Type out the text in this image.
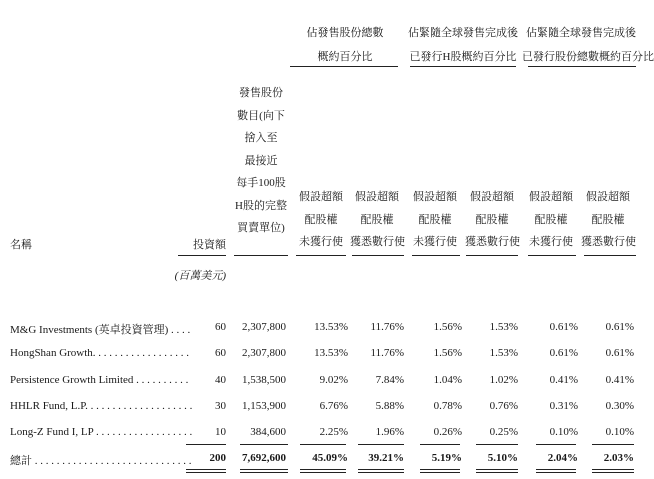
佔發售股份總數
概約百分比
佔緊隨全球發售完成後
已發行H股概約百分比
佔緊隨全球發售完成後
已發行股份總數概約百分比
發售股份
數目(向下
捨入至
最接近
每手100股
H股的完整
買賣單位)
假設超額
配股權
未獲行使
假設超額
配股權
獲悉數行使
假設超額
配股權
未獲行使
假設超額
配股權
獲悉數行使
假設超額
配股權
未獲行使
假設超額
配股權
獲悉數行使
名稱	投資額
(百萬美元)
M&G Investments (英卓投資管理) . . . .	60	2,307,800	13.53%	11.76%	1.56%	1.53%	0.61%	0.61%
HongShan Growth. . . . . . . . . . . . . . . . . .	60	2,307,800	13.53%	11.76%	1.56%	1.53%	0.61%	0.61%
Persistence Growth Limited . . . . . . . . . .	40	1,538,500	9.02%	7.84%	1.04%	1.02%	0.41%	0.41%
HHLR Fund, L.P. . . . . . . . . . . . . . . . . . . .	30	1,153,900	6.76%	5.88%	0.78%	0.76%	0.31%	0.30%
Long-Z Fund I, LP . . . . . . . . . . . . . . . . . .	10	384,600	2.25%	1.96%	0.26%	0.25%	0.10%	0.10%
總計 . . . . . . . . . . . . . . . . . . . . . . . . . . . . .	200	7,692,600	45.09%	39.21%	5.19%	5.10%	2.04%	2.03%
